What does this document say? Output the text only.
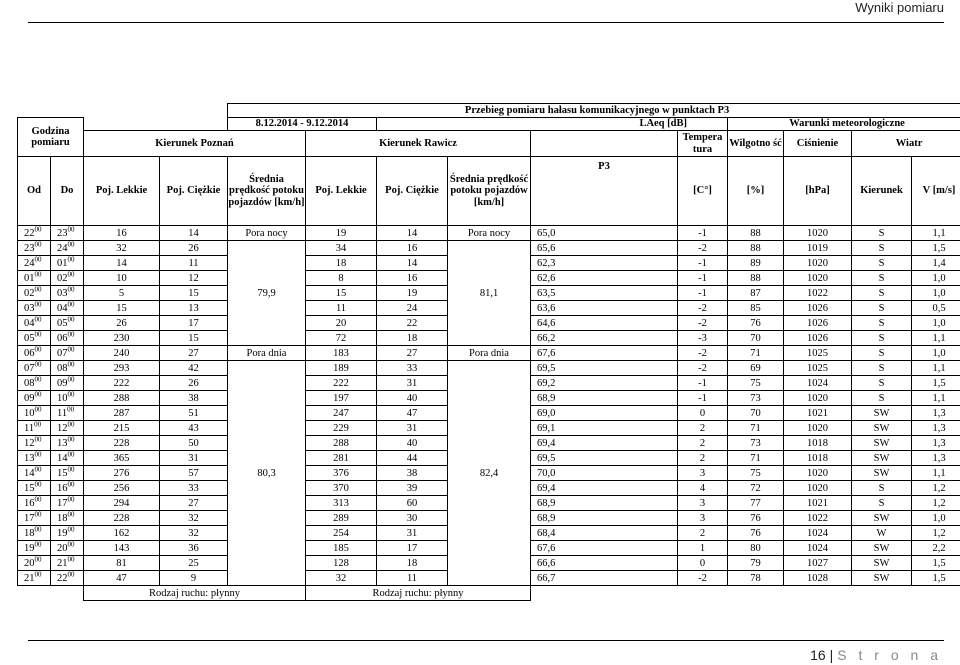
Wyniki pomiaru
				Przebieg pomiaru hałasu komunikacyjnego w punktach P3									
Godzina pomiaru				8.12.2014 - 9.12.2014		LAeq [dB]				Warunki meteorologiczne			
		Kierunek Poznań			Kierunek Rawicz				Tempera tura	Wilgotno ść	Ciśnienie	Wiatr	
Od	Do	Poj. Lekkie	Poj. Ciężkie	Średnia prędkość potoku pojazdów [km/h]	Poj. Lekkie	Poj. Ciężkie	Średnia prędkość potoku pojazdów [km/h]	P3	[C°]	[%]	[hPa]	Kierunek	V [m/s]
$22^{00}$	$23^{00}$	16	14	Pora nocy	19	14	Pora nocy	65,0	-1	88	1020	S	1,1
$23^{00}$	$24^{00}$	32	26	79,9	34	16	81,1	65,6	-2	88	1019	S	1,5
$24^{00}$	$01^{00}$	14	11		18	14		62,3	-1	89	1020	S	1,4
$01^{00}$	$02^{00}$	10	12		8	16		62,6	-1	88	1020	S	1,0
$02^{00}$	$03^{00}$	5	15		15	19		63,5	-1	87	1022	S	1,0
$03^{00}$	$04^{00}$	15	13		11	24		63,6	-2	85	1026	S	0,5
$04^{00}$	$05^{00}$	26	17		20	22		64,6	-2	76	1026	S	1,0
$05^{00}$	$06^{00}$	230	15		72	18		66,2	-3	70	1026	S	1,1
$06^{00}$	$07^{00}$	240	27	Pora dnia	183	27	Pora dnia	67,6	-2	71	1025	S	1,0
$07^{00}$	$08^{00}$	293	42	80,3	189	33	82,4	69,5	-2	69	1025	S	1,1
$08^{00}$	$09^{00}$	222	26		222	31		69,2	-1	75	1024	S	1,5
$09^{00}$	$10^{00}$	288	38		197	40		68,9	-1	73	1020	S	1,1
$10^{00}$	$11^{00}$	287	51		247	47		69,0	0	70	1021	SW	1,3
$11^{00}$	$12^{00}$	215	43		229	31		69,1	2	71	1020	SW	1,3
$12^{00}$	$13^{00}$	228	50		288	40		69,4	2	73	1018	SW	1,3
$13^{00}$	$14^{00}$	365	31		281	44		69,5	2	71	1018	SW	1,3
$14^{00}$	$15^{00}$	276	57		376	38		70,0	3	75	1020	SW	1,1
$15^{00}$	$16^{00}$	256	33		370	39		69,4	4	72	1020	S	1,2
$16^{00}$	$17^{00}$	294	27		313	60		68,9	3	77	1021	S	1,2
$17^{00}$	$18^{00}$	228	32		289	30		68,9	3	76	1022	SW	1,0
$18^{00}$	$19^{00}$	162	32		254	31		68,4	2	76	1024	W	1,2
$19^{00}$	$20^{00}$	143	36		185	17		67,6	1	80	1024	SW	2,2
$20^{00}$	$21^{00}$	81	25		128	18		66,6	0	79	1027	SW	1,5
$21^{00}$	$22^{00}$	47	9		32	11		66,7	-2	78	1028	SW	1,5
		Rodzaj ruchu: płynny			Rodzaj ruchu: płynny								
16 | S t r o n a
